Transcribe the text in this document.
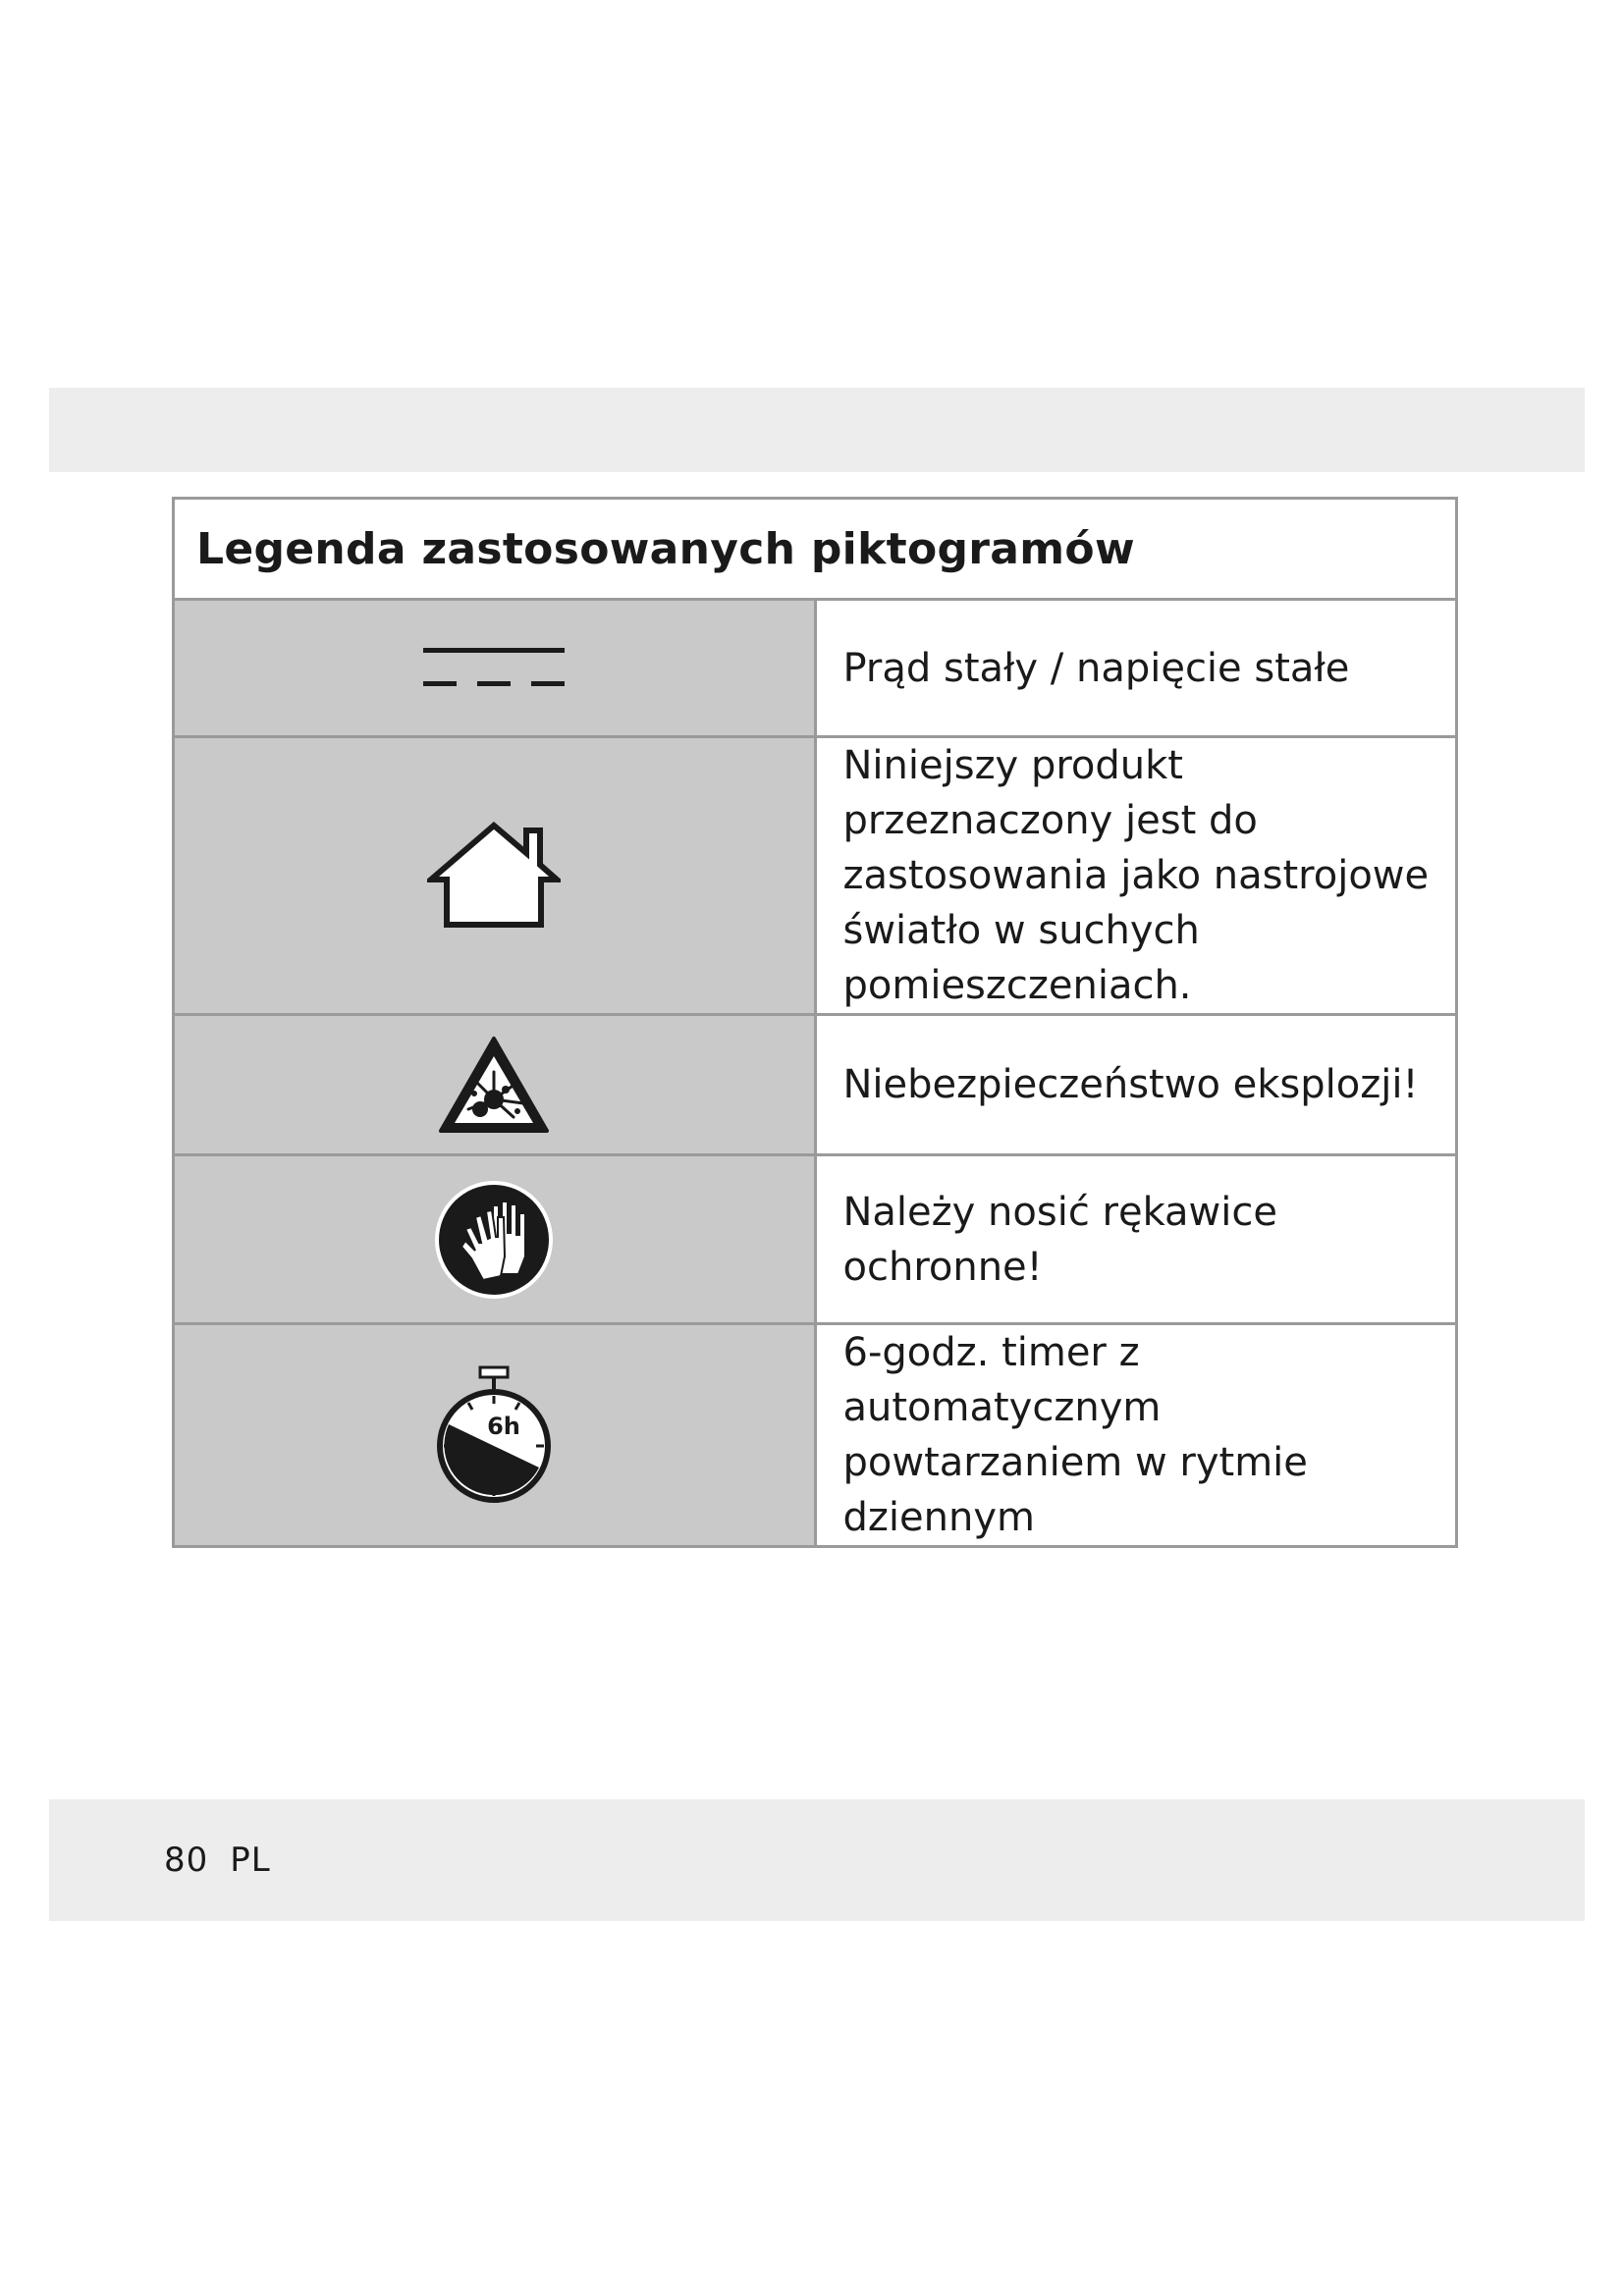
Legenda zastosowanych piktogramów	

	Prąd stały / napięcie stałe

	Niniejszy produkt przeznaczony jest do zastosowania jako nastrojowe światło w suchych pomieszczeniach.

	Niebezpieczeństwo eksplozji!

	Należy nosić rękawice ochronne!

6h	6-godz. timer z automatycznym powtarzaniem w rytmie dziennym
80 PL
